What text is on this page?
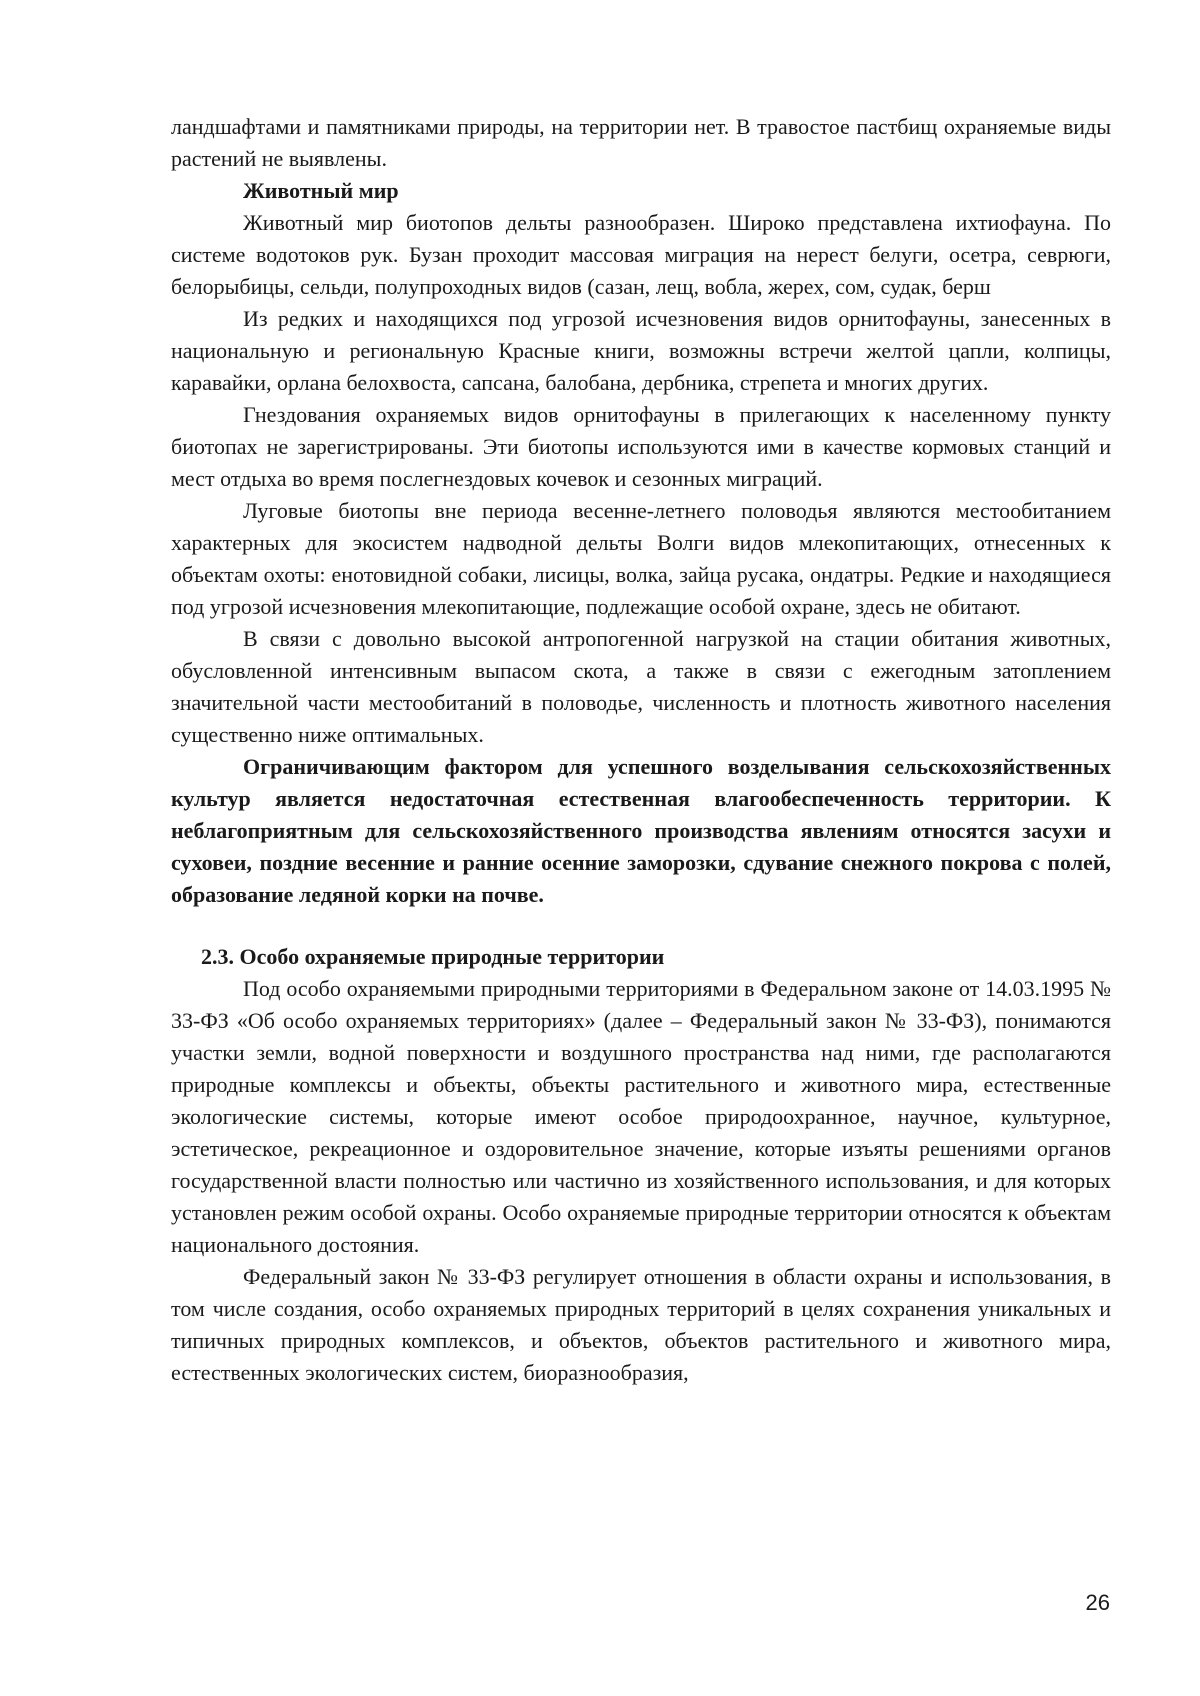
ландшафтами и памятниками природы, на территории нет. В травостое пастбищ охраняемые виды растений не выявлены.

Животный мир

Животный мир биотопов дельты разнообразен. Широко представлена ихтиофауна. По системе водотоков рук. Бузан проходит массовая миграция на нерест белуги, осетра, севрюги, белорыбицы, сельди, полупроходных видов (сазан, лещ, вобла, жерех, сом, судак, берш

Из редких и находящихся под угрозой исчезновения видов орнитофауны, занесенных в национальную и региональную Красные книги, возможны встречи желтой цапли, колпицы, каравайки, орлана белохвоста, сапсана, балобана, дербника, стрепета и многих других.

Гнездования охраняемых видов орнитофауны в прилегающих к населенному пункту биотопах не зарегистрированы. Эти биотопы используются ими в качестве кормовых станций и мест отдыха во время послегнездовых кочевок и сезонных миграций.

Луговые биотопы вне периода весенне-летнего половодья являются местообитанием характерных для экосистем надводной дельты Волги видов млекопитающих, отнесенных к объектам охоты: енотовидной собаки, лисицы, волка, зайца русака, ондатры. Редкие и находящиеся под угрозой исчезновения млекопитающие, подлежащие особой охране, здесь не обитают.

В связи с довольно высокой антропогенной нагрузкой на стации обитания животных, обусловленной интенсивным выпасом скота, а также в связи с ежегодным затоплением значительной части местообитаний в половодье, численность и плотность животного населения существенно ниже оптимальных.

Ограничивающим фактором для успешного возделывания сельскохозяйственных культур является недостаточная естественная влагообеспеченность территории. К неблагоприятным для сельскохозяйственного производства явлениям относятся засухи и суховеи, поздние весенние и ранние осенние заморозки, сдувание снежного покрова с полей, образование ледяной корки на почве.

2.3. Особо охраняемые природные территории

Под особо охраняемыми природными территориями в Федеральном законе от 14.03.1995 № 33-ФЗ «Об особо охраняемых территориях» (далее – Федеральный закон № 33-ФЗ), понимаются участки земли, водной поверхности и воздушного пространства над ними, где располагаются природные комплексы и объекты, объекты растительного и животного мира, естественные экологические системы, которые имеют особое природоохранное, научное, культурное, эстетическое, рекреационное и оздоровительное значение, которые изъяты решениями органов государственной власти полностью или частично из хозяйственного использования, и для которых установлен режим особой охраны. Особо охраняемые природные территории относятся к объектам национального достояния.

Федеральный закон № 33-ФЗ регулирует отношения в области охраны и использования, в том числе создания, особо охраняемых природных территорий в целях сохранения уникальных и типичных природных комплексов, и объектов, объектов растительного и животного мира, естественных экологических систем, биоразнообразия,

26
